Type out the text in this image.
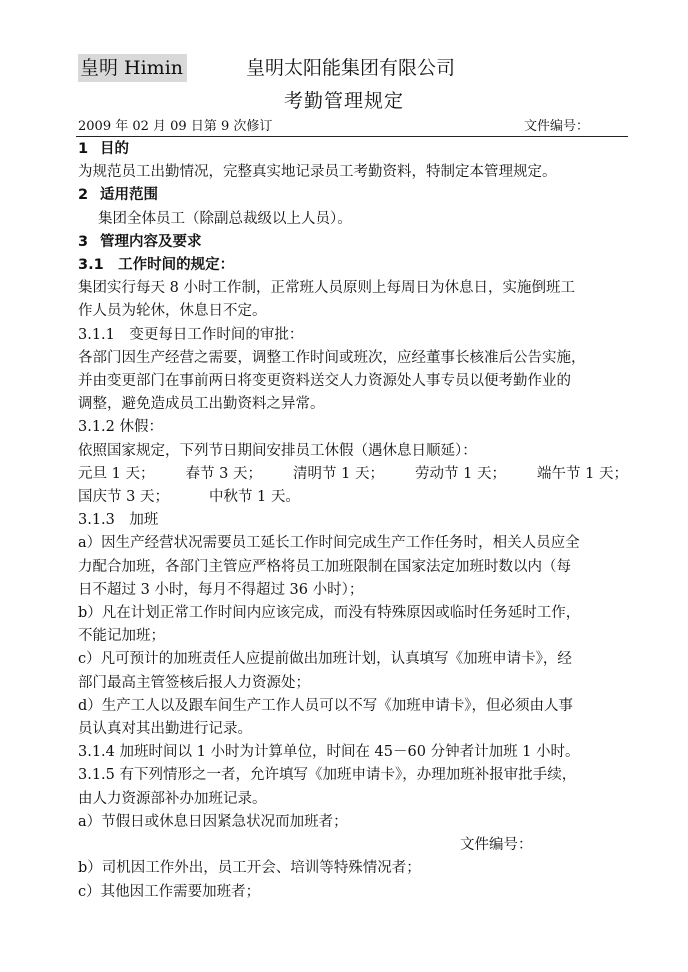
皇明 Himin	皇明太阳能集团有限公司
考勤管理规定
2009 年 02 月 09 日第 9 次修订	文件编号：

1 目的

为规范员工出勤情况，完整真实地记录员工考勤资料，特制定本管理规定。

2 适用范围

集团全体员工（除副总裁级以上人员）。

3 管理内容及要求

3.1　工作时间的规定：

集团实行每天 8 小时工作制，正常班人员原则上每周日为休息日，实施倒班工

作人员为轮休，休息日不定。

3.1.1　变更每日工作时间的审批：

各部门因生产经营之需要，调整工作时间或班次，应经董事长核准后公告实施，

并由变更部门在事前两日将变更资料送交人力资源处人事专员以便考勤作业的

调整，避免造成员工出勤资料之异常。

3.1.2 休假：

依照国家规定，下列节日期间安排员工休假（遇休息日顺延）：

元旦 1 天； 春节 3 天； 清明节 1 天； 劳动节 1 天； 端午节 1 天；

国庆节 3 天；	中秋节 1 天。

3.1.3　加班

a）因生产经营状况需要员工延长工作时间完成生产工作任务时，相关人员应全

力配合加班，各部门主管应严格将员工加班限制在国家法定加班时数以内（每

日不超过 3 小时，每月不得超过 36 小时）；

b）凡在计划正常工作时间内应该完成，而没有特殊原因或临时任务延时工作，

不能记加班；

c）凡可预计的加班责任人应提前做出加班计划，认真填写《加班申请卡》，经

部门最高主管签核后报人力资源处；

d）生产工人以及跟车间生产工作人员可以不写《加班申请卡》，但必须由人事

员认真对其出勤进行记录。

3.1.4 加班时间以 1 小时为计算单位，时间在 45－60 分钟者计加班 1 小时。

3.1.5 有下列情形之一者，允许填写《加班申请卡》，办理加班补报审批手续，

由人力资源部补办加班记录。

a）节假日或休息日因紧急状况而加班者；

文件编号：

b）司机因工作外出，员工开会、培训等特殊情况者；

c）其他因工作需要加班者；
